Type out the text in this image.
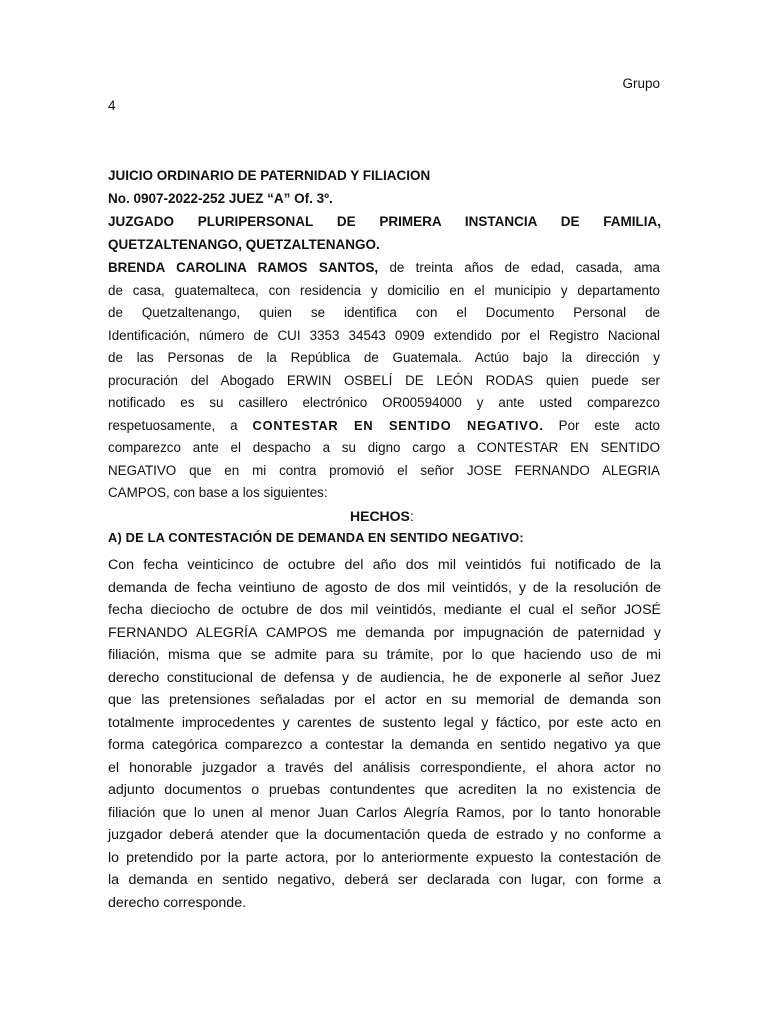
Grupo
4
JUICIO ORDINARIO DE PATERNIDAD Y FILIACION
No. 0907-2022-252 JUEZ “A” Of. 3º.
JUZGADO PLURIPERSONAL DE PRIMERA INSTANCIA DE FAMILIA,
QUETZALTENANGO, QUETZALTENANGO.
BRENDA CAROLINA RAMOS SANTOS, de treinta años de edad, casada, ama
de casa, guatemalteca, con residencia y domicilio en el municipio y departamento
de Quetzaltenango, quien se identifica con el Documento Personal de
Identificación, número de CUI 3353 34543 0909 extendido por el Registro Nacional
de las Personas de la República de Guatemala. Actúo bajo la dirección y
procuración del Abogado ERWIN OSBELÍ DE LEÓN RODAS quien puede ser
notificado es su casillero electrónico OR00594000 y ante usted comparezco
respetuosamente, a CONTESTAR EN SENTIDO NEGATIVO. Por este acto
comparezco ante el despacho a su digno cargo a CONTESTAR EN SENTIDO
NEGATIVO que en mi contra promovió el señor JOSE FERNANDO ALEGRIA
CAMPOS, con base a los siguientes:
HECHOS:
A) DE LA CONTESTACIÓN DE DEMANDA EN SENTIDO NEGATIVO:
Con fecha veinticinco de octubre del año dos mil veintidós fui notificado de la
demanda de fecha veintiuno de agosto de dos mil veintidós, y de la resolución de
fecha dieciocho de octubre de dos mil veintidós, mediante el cual el señor JOSÉ
FERNANDO ALEGRÍA CAMPOS me demanda por impugnación de paternidad y
filiación, misma que se admite para su trámite, por lo que haciendo uso de mi
derecho constitucional de defensa y de audiencia, he de exponerle al señor Juez
que las pretensiones señaladas por el actor en su memorial de demanda son
totalmente improcedentes y carentes de sustento legal y fáctico, por este acto en
forma categórica comparezco a contestar la demanda en sentido negativo ya que
el honorable juzgador a través del análisis correspondiente, el ahora actor no
adjunto documentos o pruebas contundentes que acrediten la no existencia de
filiación que lo unen al menor Juan Carlos Alegría Ramos, por lo tanto honorable
juzgador deberá atender que la documentación queda de estrado y no conforme a
lo pretendido por la parte actora, por lo anteriormente expuesto la contestación de
la demanda en sentido negativo, deberá ser declarada con lugar, con forme a
derecho corresponde.
